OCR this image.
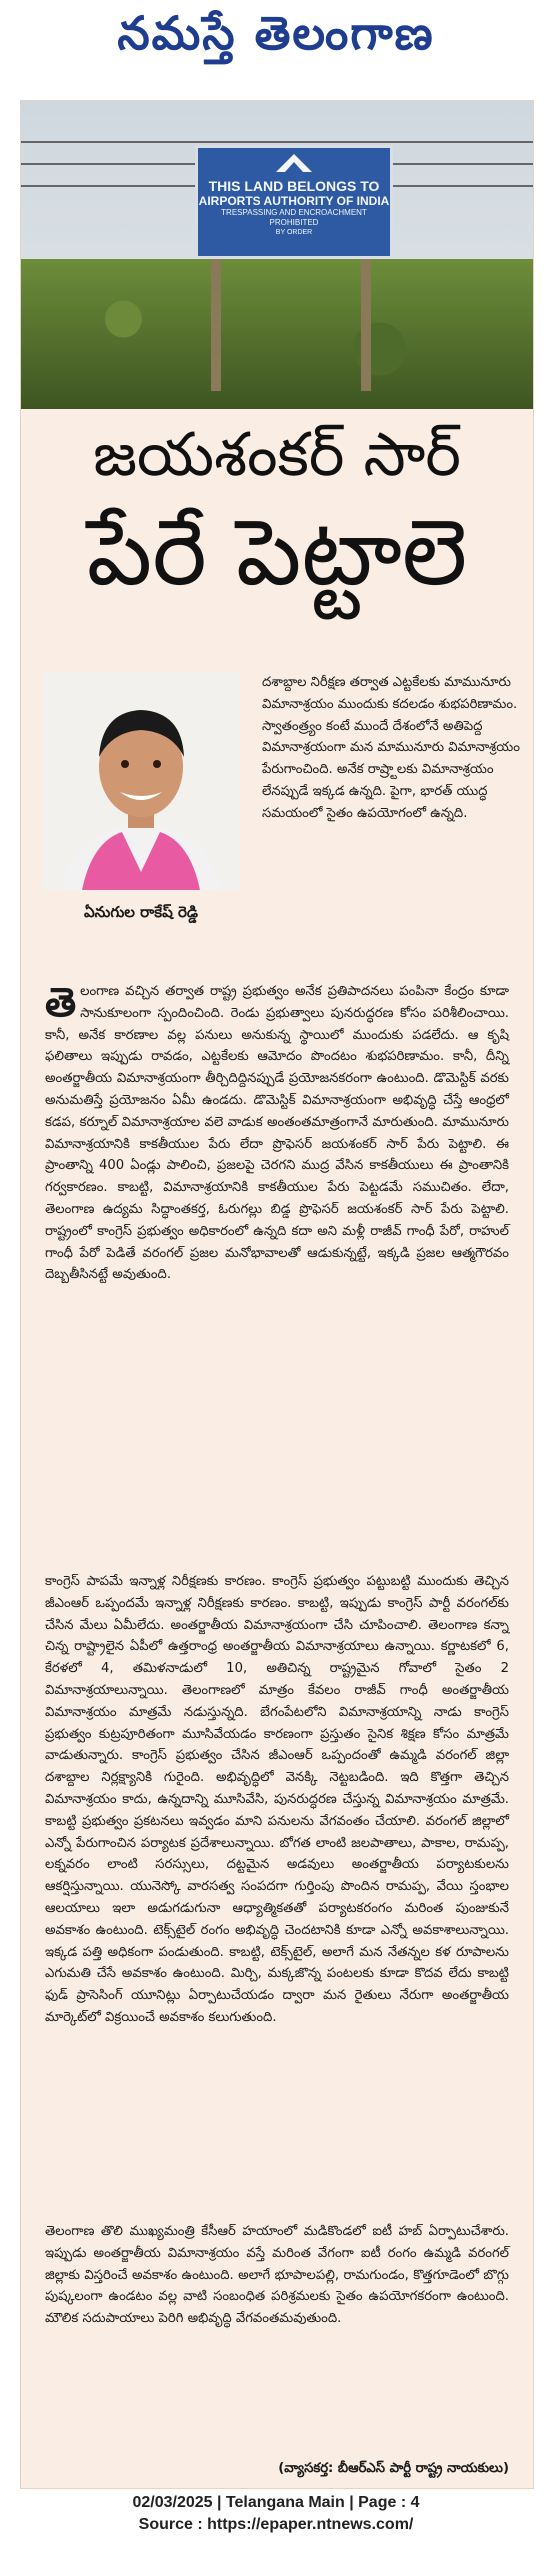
నమస్తే తెలంగాణ
THIS LAND BELONGS TO
AIRPORTS AUTHORITY OF INDIA
TRESPASSING AND ENCROACHMENT PROHIBITED
BY ORDER
జయశంకర్ సార్
పేరే పెట్టాలె
ఏనుగుల రాకేష్ రెడ్డి
దశాబ్దాల నిరీక్షణ తర్వాత ఎట్టకేలకు మామునూరు విమానాశ్రయం ముందుకు కదలడం శుభపరిణామం. స్వాతంత్ర్యం కంటే ముందే దేశంలోనే అతిపెద్ద విమానాశ్రయంగా మన మామునూరు విమానాశ్రయం పేరుగాంచింది. అనేక రాష్ర్టాలకు విమానాశ్రయం లేనప్పుడే ఇక్కడ ఉన్నది. పైగా, భారత్ యుద్ధ సమయంలో సైతం ఉపయోగంలో ఉన్నది.
తె లంగాణ వచ్చిన తర్వాత రాష్ట్ర ప్రభుత్వం అనేక ప్రతిపాదనలు పంపినా కేంద్రం కూడా సానుకూలంగా స్పందించింది. రెండు ప్రభుత్వాలు పునరుద్ధరణ కోసం పరిశీలించాయి. కానీ, అనేక కారణాల వల్ల పనులు అనుకున్న స్థాయిలో ముందుకు పడలేదు. ఆ కృషి ఫలితాలు ఇప్పుడు రావడం, ఎట్టకేలకు ఆమోదం పొందటం శుభపరిణామం. కానీ, దీన్ని అంతర్జాతీయ విమానాశ్రయంగా తీర్చిదిద్దినప్పుడే ప్రయోజనకరంగా ఉంటుంది. డొమెస్టిక్ వరకు అనుమతిస్తే ప్రయోజనం ఏమీ ఉండదు. డొమెస్టిక్ విమానాశ్రయంగా అభివృద్ధి చేస్తే ఆంధ్రలో కడప, కర్నూల్ విమానాశ్రయాల వలె వాడుక అంతంతమాత్రంగానే మారుతుంది. మామునూరు విమానాశ్రయానికి కాకతీయుల పేరు లేదా ప్రొఫెసర్ జయశంకర్ సార్ పేరు పెట్టాలి. ఈ ప్రాంతాన్ని 400 ఏండ్లు పాలించి, ప్రజలపై చెరగని ముద్ర వేసిన కాకతీయులు ఈ ప్రాంతానికి గర్వకారణం. కాబట్టి, విమానాశ్రయానికి కాకతీయుల పేరు పెట్టడమే సముచితం. లేదా, తెలంగాణ ఉద్యమ సిద్ధాంతకర్త, ఓరుగల్లు బిడ్డ ప్రొఫెసర్ జయశంకర్ సార్ పేరు పెట్టాలి. రాష్ట్రంలో కాంగ్రెస్ ప్రభుత్వం అధికారంలో ఉన్నది కదా అని మళ్లీ రాజీవ్ గాంధీ పేరో, రాహుల్ గాంధీ పేరో పెడితే వరంగల్ ప్రజల మనోభావాలతో ఆడుకున్నట్టే, ఇక్కడి ప్రజల ఆత్మగౌరవం దెబ్బతీసినట్టే అవుతుంది.
కాంగ్రెస్ పాపమే ఇన్నాళ్ల నిరీక్షణకు కారణం. కాంగ్రెస్ ప్రభుత్వం పట్టుబట్టి ముందుకు తెచ్చిన జీఎంఆర్ ఒప్పందమే ఇన్నాళ్ల నిరీక్షణకు కారణం. కాబట్టి, ఇప్పుడు కాంగ్రెస్ పార్టీ వరంగల్‌కు చేసిన మేలు ఏమీలేదు. అంతర్జాతీయ విమానాశ్రయంగా చేసి చూపించాలి. తెలంగాణ కన్నా చిన్న రాష్ట్రాలైన ఏపీలో ఉత్తరాంధ్ర అంతర్జాతీయ విమానాశ్రయాలు ఉన్నాయి. కర్ణాటకలో 6, కేరళలో 4, తమిళనాడులో 10, అతిచిన్న రాష్ట్రమైన గోవాలో సైతం 2 విమానాశ్రయాలున్నాయి. తెలంగాణలో మాత్రం కేవలం రాజీవ్ గాంధీ అంతర్జాతీయ విమానాశ్రయం మాత్రమే నడుస్తున్నది. బేగంపేటలోని విమానాశ్రయాన్ని నాడు కాంగ్రెస్ ప్రభుత్వం కుట్రపూరితంగా మూసివేయడం కారణంగా ప్రస్తుతం సైనిక శిక్షణ కోసం మాత్రమే వాడుతున్నారు. కాంగ్రెస్ ప్రభుత్వం చేసిన జీఎంఆర్ ఒప్పందంతో ఉమ్మడి వరంగల్ జిల్లా దశాబ్దాల నిర్లక్ష్యానికి గురైంది. అభివృద్ధిలో వెనక్కి నెట్టబడింది. ఇది కొత్తగా తెచ్చిన విమానాశ్రయం కాదు, ఉన్నదాన్ని మూసివేసి, పునరుద్ధరణ చేస్తున్న విమానాశ్రయం మాత్రమే. కాబట్టి ప్రభుత్వం ప్రకటనలు ఇవ్వడం మాని పనులను వేగవంతం చేయాలి. వరంగల్ జిల్లాలో ఎన్నో పేరుగాంచిన పర్యాటక ప్రదేశాలున్నాయి. బోగత లాంటి జలపాతాలు, పాకాల, రామప్ప, లక్నవరం లాంటి సరస్సులు, దట్టమైన అడవులు అంతర్జాతీయ పర్యాటకులను ఆకర్షిస్తున్నాయి. యునెస్కో వారసత్వ సంపదగా గుర్తింపు పొందిన రామప్ప, వేయి స్తంభాల ఆలయాలు ఇలా అడుగడుగునా ఆధ్యాత్మికతతో పర్యాటకరంగం మరింత పుంజుకునే అవకాశం ఉంటుంది. టెక్స్‌టైల్ రంగం అభివృద్ధి చెందటానికి కూడా ఎన్నో అవకాశాలున్నాయి. ఇక్కడ పత్తి అధికంగా పండుతుంది. కాబట్టి, టెక్స్‌టైల్, అలాగే మన నేతన్నల కళ రూపాలను ఎగుమతి చేసే అవకాశం ఉంటుంది. మిర్చి, మక్కజొన్న పంటలకు కూడా కొదవ లేదు కాబట్టి ఫుడ్ ప్రాసెసింగ్ యూనిట్లు ఏర్పాటుచేయడం ద్వారా మన రైతులు నేరుగా అంతర్జాతీయ మార్కెట్‌లో విక్రయించే అవకాశం కలుగుతుంది.
తెలంగాణ తొలి ముఖ్యమంత్రి కేసీఆర్ హయాంలో మడికొండలో ఐటీ హబ్ ఏర్పాటుచేశారు. ఇప్పుడు అంతర్జాతీయ విమానాశ్రయం వస్తే మరింత వేగంగా ఐటీ రంగం ఉమ్మడి వరంగల్ జిల్లాకు విస్తరించే అవకాశం ఉంటుంది. అలాగే భూపాలపల్లి, రామగుండం, కొత్తగూడెంలో బొగ్గు పుష్కలంగా ఉండటం వల్ల వాటి సంబంధిత పరిశ్రమలకు సైతం ఉపయోగకరంగా ఉంటుంది. మౌలిక సదుపాయాలు పెరిగి అభివృద్ధి వేగవంతమవుతుంది.
(వ్యాసకర్త: బీఆర్‌ఎస్ పార్టీ రాష్ట్ర నాయకులు)
02/03/2025 | Telangana Main | Page : 4
Source : https://epaper.ntnews.com/
